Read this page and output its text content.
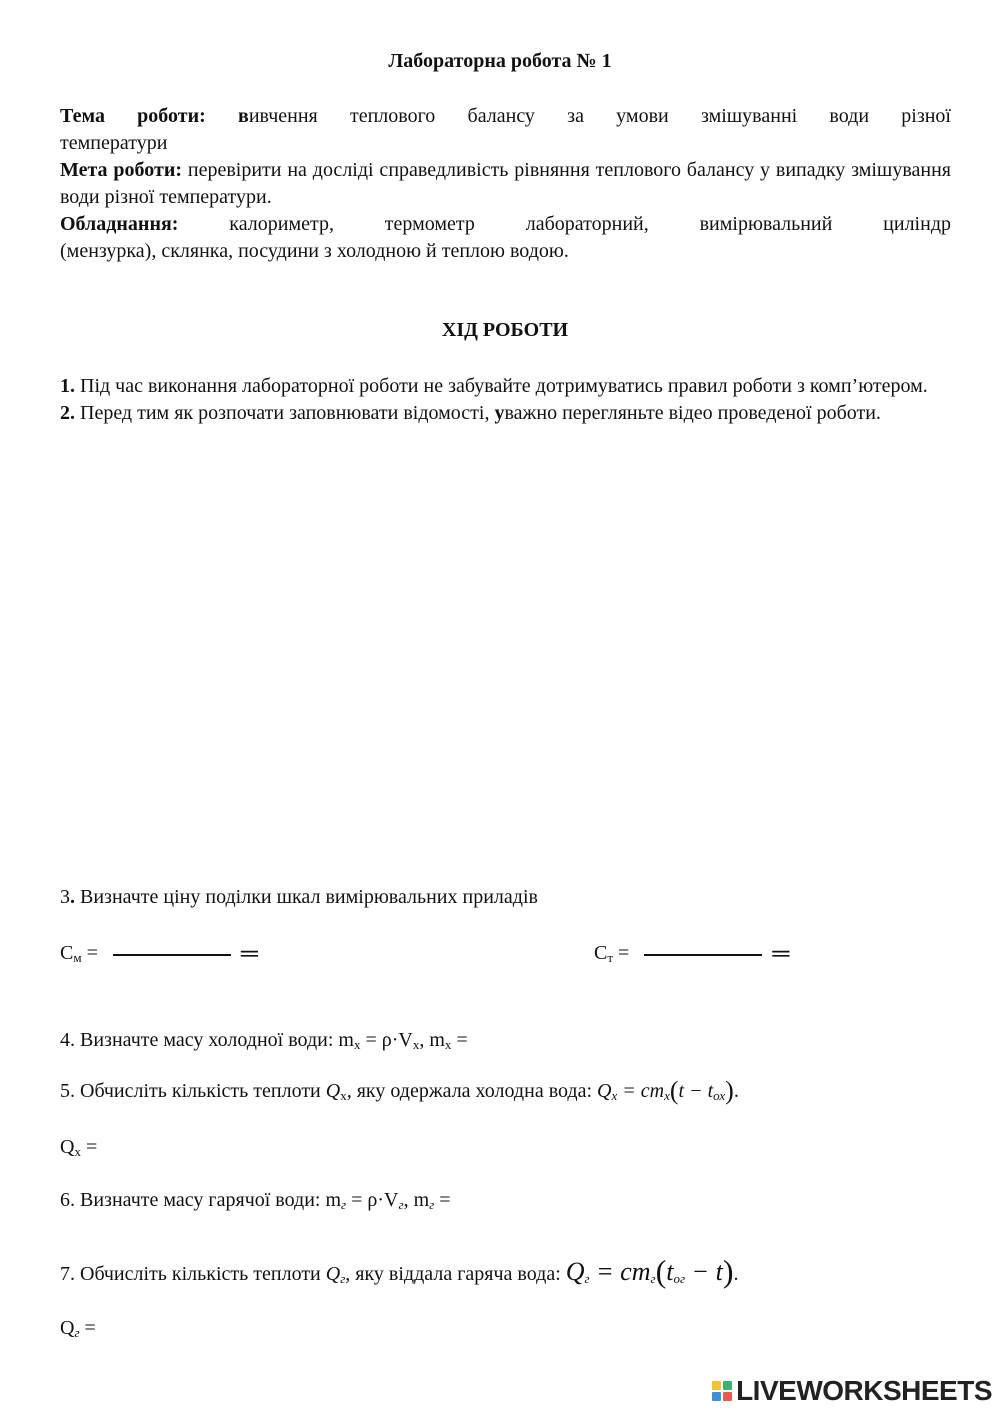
Лабораторна робота № 1

Тема роботи: вивчення теплового балансу за умови змішуванні води різної
температури

Мета роботи: перевірити на досліді справедливість рівняння теплового балансу у випадку змішування води різної температури.

Обладнання:	калориметр, термометр лабораторний, вимірювальний циліндр
(мензурка), склянка, посудини з холодною й теплою водою.

ХІД РОБОТИ

1. Під час виконання лабораторної роботи не забувайте дотримуватись правил роботи з комп’ютером.

2. Перед тим як розпочати заповнювати відомості, уважно перегляньте відео проведеної роботи.

3. Визначте ціну поділки шкал вимірювальних приладів
$С_м$ =	═	$С_т$ =	═
4. Визначте масу холодної води: $m_х = \rho\cdot V_х$, $m_х$ =
5. Обчисліть кількість теплоти $Q_х$, яку одержала холодна вода: $Qx = cmx(t - t_{ох})$.
$Q_х$ =
6. Визначте масу гарячої води: mг = ρ·Vг, mг =
7. Обчисліть кількість теплоти Qг, яку віддала гаряча вода: Qг = cmг(tог − t).
Qг =
LIVEWORKSHEETS
